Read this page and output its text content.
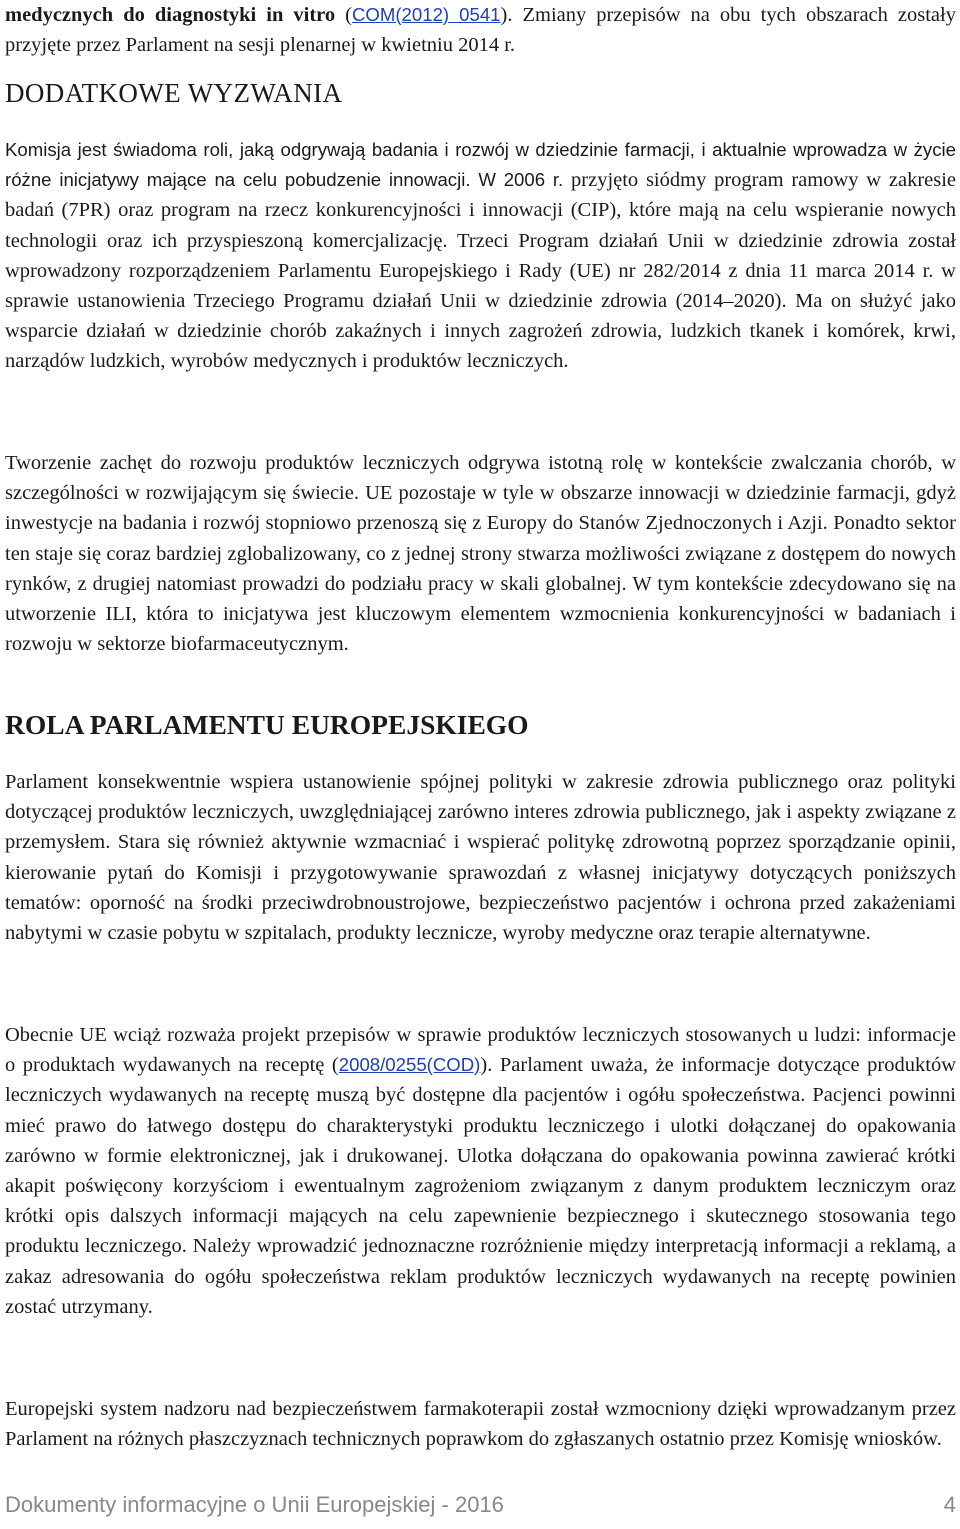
medycznych do diagnostyki in vitro (COM(2012) 0541). Zmiany przepisów na obu tych obszarach zostały przyjęte przez Parlament na sesji plenarnej w kwietniu 2014 r.

DODATKOWE WYZWANIA

Komisja jest świadoma roli, jaką odgrywają badania i rozwój w dziedzinie farmacji, i aktualnie wprowadza w życie różne inicjatywy mające na celu pobudzenie innowacji. W 2006 r. przyjęto siódmy program ramowy w zakresie badań (7PR) oraz program na rzecz konkurencyjności i innowacji (CIP), które mają na celu wspieranie nowych technologii oraz ich przyspieszoną komercjalizację. Trzeci Program działań Unii w dziedzinie zdrowia został wprowadzony rozporządzeniem Parlamentu Europejskiego i Rady (UE) nr 282/2014 z dnia 11 marca 2014 r. w sprawie ustanowienia Trzeciego Programu działań Unii w dziedzinie zdrowia (2014–2020). Ma on służyć jako wsparcie działań w dziedzinie chorób zakaźnych i innych zagrożeń zdrowia, ludzkich tkanek i komórek, krwi, narządów ludzkich, wyrobów medycznych i produktów leczniczych.

Tworzenie zachęt do rozwoju produktów leczniczych odgrywa istotną rolę w kontekście zwalczania chorób, w szczególności w rozwijającym się świecie. UE pozostaje w tyle w obszarze innowacji w dziedzinie farmacji, gdyż inwestycje na badania i rozwój stopniowo przenoszą się z Europy do Stanów Zjednoczonych i Azji. Ponadto sektor ten staje się coraz bardziej zglobalizowany, co z jednej strony stwarza możliwości związane z dostępem do nowych rynków, z drugiej natomiast prowadzi do podziału pracy w skali globalnej. W tym kontekście zdecydowano się na utworzenie ILI, która to inicjatywa jest kluczowym elementem wzmocnienia konkurencyjności w badaniach i rozwoju w sektorze biofarmaceutycznym.

ROLA PARLAMENTU EUROPEJSKIEGO

Parlament konsekwentnie wspiera ustanowienie spójnej polityki w zakresie zdrowia publicznego oraz polityki dotyczącej produktów leczniczych, uwzględniającej zarówno interes zdrowia publicznego, jak i aspekty związane z przemysłem. Stara się również aktywnie wzmacniać i wspierać politykę zdrowotną poprzez sporządzanie opinii, kierowanie pytań do Komisji i przygotowywanie sprawozdań z własnej inicjatywy dotyczących poniższych tematów: oporność na środki przeciwdrobnoustrojowe, bezpieczeństwo pacjentów i ochrona przed zakażeniami nabytymi w czasie pobytu w szpitalach, produkty lecznicze, wyroby medyczne oraz terapie alternatywne.

Obecnie UE wciąż rozważa projekt przepisów w sprawie produktów leczniczych stosowanych u ludzi: informacje o produktach wydawanych na receptę (2008/0255(COD)). Parlament uważa, że informacje dotyczące produktów leczniczych wydawanych na receptę muszą być dostępne dla pacjentów i ogółu społeczeństwa. Pacjenci powinni mieć prawo do łatwego dostępu do charakterystyki produktu leczniczego i ulotki dołączanej do opakowania zarówno w formie elektronicznej, jak i drukowanej. Ulotka dołączana do opakowania powinna zawierać krótki akapit poświęcony korzyściom i ewentualnym zagrożeniom związanym z danym produktem leczniczym oraz krótki opis dalszych informacji mających na celu zapewnienie bezpiecznego i skutecznego stosowania tego produktu leczniczego. Należy wprowadzić jednoznaczne rozróżnienie między interpretacją informacji a reklamą, a zakaz adresowania do ogółu społeczeństwa reklam produktów leczniczych wydawanych na receptę powinien zostać utrzymany.

Europejski system nadzoru nad bezpieczeństwem farmakoterapii został wzmocniony dzięki wprowadzanym przez Parlament na różnych płaszczyznach technicznych poprawkom do zgłaszanych ostatnio przez Komisję wniosków.

Dokumenty informacyjne o Unii Europejskiej - 2016	4
